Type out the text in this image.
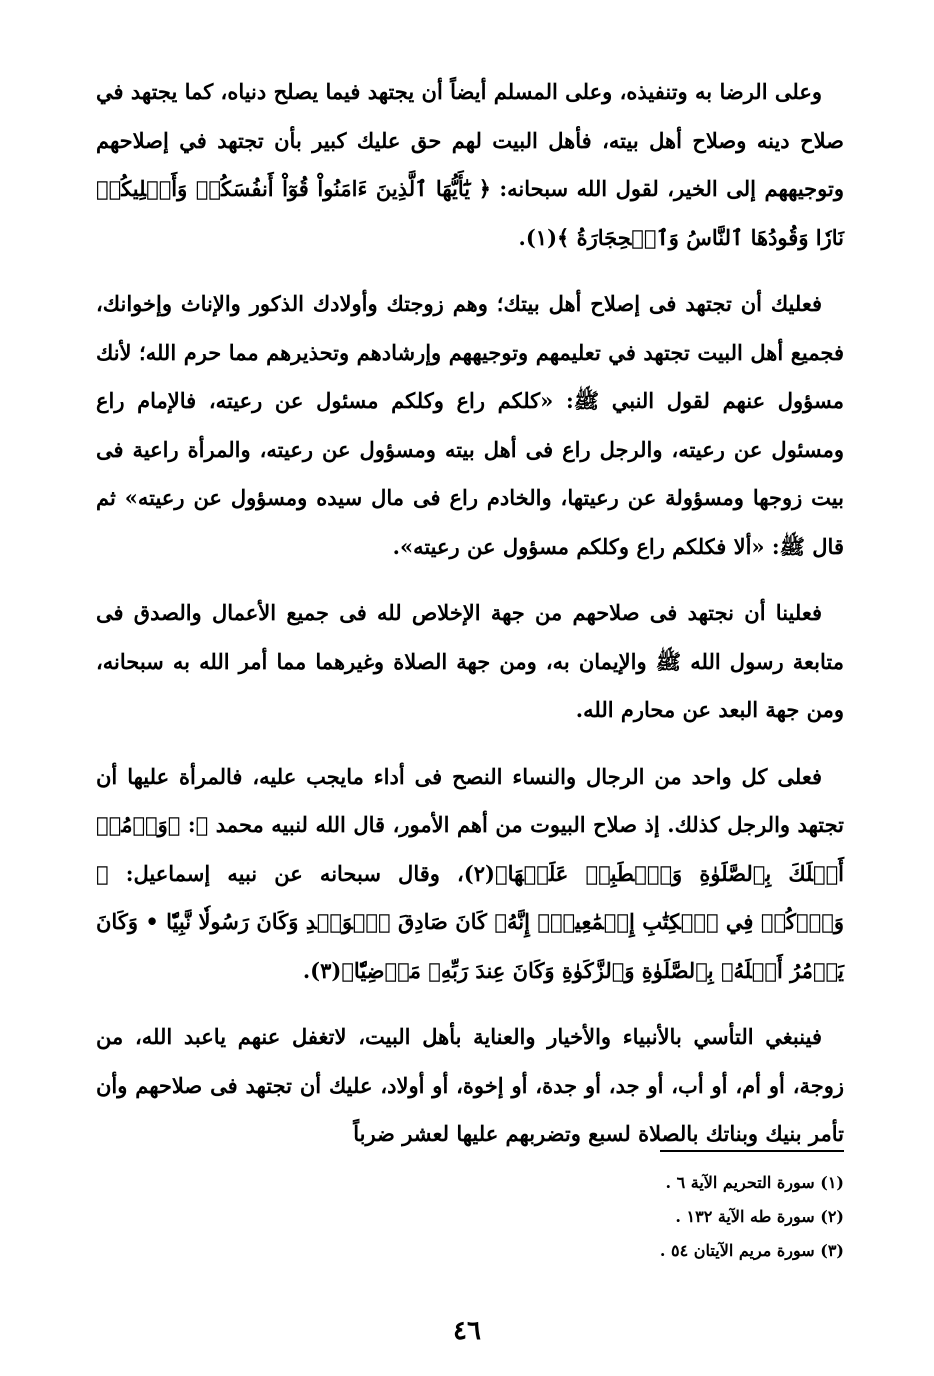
وعلى الرضا به وتنفيذه، وعلى المسلم أيضاً أن يجتهد فيما يصلح دنياه، كما يجتهد في صلاح دينه وصلاح أهل بيته، فأهل البيت لهم حق عليك كبير بأن تجتهد في إصلاحهم وتوجيههم إلى الخير، لقول الله سبحانه: ﴿ يَٰٓأَيُّهَا ٱلَّذِينَ ءَامَنُواْ قُوٓاْ أَنفُسَكُمۡ وَأَهۡلِيكُمۡ نَارٗا وَقُودُهَا ٱلنَّاسُ وَٱلۡحِجَارَةُ ﴾(١).

فعليك أن تجتهد فى إصلاح أهل بيتك؛ وهم زوجتك وأولادك الذكور والإناث وإخوانك، فجميع أهل البيت تجتهد في تعليمهم وتوجيههم وإرشادهم وتحذيرهم مما حرم الله؛ لأنك مسؤول عنهم لقول النبي ﷺ: «كلكم راع وكلكم مسئول عن رعيته، فالإمام راع ومسئول عن رعيته، والرجل راع فى أهل بيته ومسؤول عن رعيته، والمرأة راعية فى بيت زوجها ومسؤولة عن رعيتها، والخادم راع فى مال سيده ومسؤول عن رعيته» ثم قال ﷺ: «ألا فكلكم راع وكلكم مسؤول عن رعيته».

فعلينا أن نجتهد فى صلاحهم من جهة الإخلاص لله فى جميع الأعمال والصدق فى متابعة رسول الله ﷺ والإيمان به، ومن جهة الصلاة وغيرهما مما أمر الله به سبحانه، ومن جهة البعد عن محارم الله.

فعلى كل واحد من الرجال والنساء النصح فى أداء مايجب عليه، فالمرأة عليها أن تجتهد والرجل كذلك. إذ صلاح البيوت من أهم الأمور، قال الله لنبيه محمد ﷺ: ﴿وَأۡمُرۡ أَهۡلَكَ بِٱلصَّلَوٰةِ وَٱصۡطَبِرۡ عَلَيۡهَا﴾(٢)، وقال سبحانه عن نبيه إسماعيل: ﴿ وَٱذۡكُرۡ فِي ٱلۡكِتَٰبِ إِسۡمَٰعِيلَۚ إِنَّهُۥ كَانَ صَادِقَ ٱلۡوَعۡدِ وَكَانَ رَسُولٗا نَّبِيّٗا • وَكَانَ يَأۡمُرُ أَهۡلَهُۥ بِٱلصَّلَوٰةِ وَٱلزَّكَوٰةِ وَكَانَ عِندَ رَبِّهِۦ مَرۡضِيّٗا﴾(٣).

فينبغي التأسي بالأنبياء والأخيار والعناية بأهل البيت، لاتغفل عنهم ياعبد الله، من زوجة، أو أم، أو أب، أو جد، أو جدة، أو إخوة، أو أولاد، عليك أن تجتهد فى صلاحهم وأن تأمر بنيك وبناتك بالصلاة لسبع وتضربهم عليها لعشر ضرباً

(١) سورة التحريم الآية ٦ .
(٢) سورة طه الآية ١٣٢ .
(٣) سورة مريم الآيتان ٥٤ .
٤٦
